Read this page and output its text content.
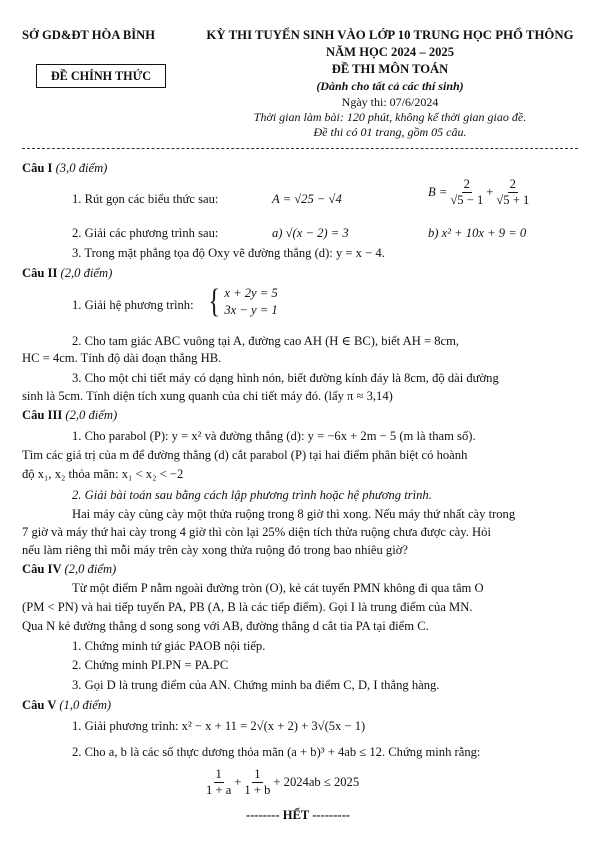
SỞ GD&ĐT HÒA BÌNH
ĐỀ CHÍNH THỨC
KỲ THI TUYỂN SINH VÀO LỚP 10 TRUNG HỌC PHỔ THÔNG
NĂM HỌC 2024 – 2025
ĐỀ THI MÔN TOÁN
(Dành cho tất cả các thí sinh)
Ngày thi: 07/6/2024
Thời gian làm bài: 120 phút, không kể thời gian giao đề.
Đề thi có 01 trang, gồm 05 câu.
Câu I (3,0 điểm)
1. Rút gọn các biểu thức sau:	A = √25 − √4
$B = \frac{2}{√5 - 1} + \frac{2}{√5 + 1}$
2. Giải các phương trình sau:	a) √(x − 2) = 3	b) x² + 10x + 9 = 0
3. Trong mặt phẳng tọa độ Oxy vẽ đường thẳng (d): y = x − 4.
Câu II (2,0 điểm)
1. Giải hệ phương trình: { x + 2y = 5
3x − y = 1
2. Cho tam giác ABC vuông tại A, đường cao AH (H ∈ BC), biết AH = 8cm,
HC = 4cm. Tính độ dài đoạn thẳng HB.
3. Cho một chi tiết máy có dạng hình nón, biết đường kính đáy là 8cm, độ dài đường
sinh là 5cm. Tính diện tích xung quanh của chi tiết máy đó. (lấy π ≈ 3,14)
Câu III (2,0 điểm)
1. Cho parabol (P): y = x² và đường thẳng (d): y = −6x + 2m − 5 (m là tham số).
Tìm các giá trị của m để đường thẳng (d) cắt parabol (P) tại hai điểm phân biệt có hoành
độ x₁, x₂ thỏa mãn: x₁ < x₂ < −2
2. Giải bài toán sau bằng cách lập phương trình hoặc hệ phương trình.
Hai máy cày cùng cày một thửa ruộng trong 8 giờ thì xong. Nếu máy thứ nhất cày trong
7 giờ và máy thứ hai cày trong 4 giờ thì còn lại 25% diện tích thửa ruộng chưa được cày. Hỏi
nếu làm riêng thì mỗi máy trên cày xong thửa ruộng đó trong bao nhiêu giờ?
Câu IV (2,0 điểm)
Từ một điểm P nằm ngoài đường tròn (O), kẻ cát tuyến PMN không đi qua tâm O
(PM < PN) và hai tiếp tuyến PA, PB (A, B là các tiếp điểm). Gọi I là trung điểm của MN.
Qua N kẻ đường thẳng d song song với AB, đường thẳng d cắt tia PA tại điểm C.
1. Chứng minh tứ giác PAOB nội tiếp.
2. Chứng minh PI.PN = PA.PC
3. Gọi D là trung điểm của AN. Chứng minh ba điểm C, D, I thẳng hàng.
Câu V (1,0 điểm)
1. Giải phương trình: x² − x + 11 = 2√(x + 2) + 3√(5x − 1)
2. Cho a, b là các số thực dương thỏa mãn (a + b)³ + 4ab ≤ 12. Chứng minh rằng:
$\frac{1}{1 + a} + \frac{1}{1 + b} + 2024ab \le 2025$
-------- HẾT ---------
